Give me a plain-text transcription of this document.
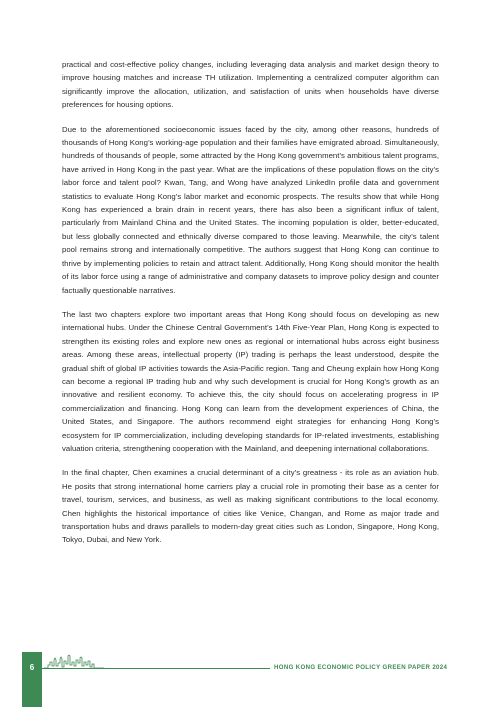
practical and cost-effective policy changes, including leveraging data analysis and market design theory to improve housing matches and increase TH utilization. Implementing a centralized computer algorithm can significantly improve the allocation, utilization, and satisfaction of units when households have diverse preferences for housing options.

Due to the aforementioned socioeconomic issues faced by the city, among other reasons, hundreds of thousands of Hong Kong’s working-age population and their families have emigrated abroad. Simultaneously, hundreds of thousands of people, some attracted by the Hong Kong government’s ambitious talent programs, have arrived in Hong Kong in the past year. What are the implications of these population flows on the city’s labor force and talent pool? Kwan, Tang, and Wong have analyzed LinkedIn profile data and government statistics to evaluate Hong Kong’s labor market and economic prospects. The results show that while Hong Kong has experienced a brain drain in recent years, there has also been a significant influx of talent, particularly from Mainland China and the United States. The incoming population is older, better-educated, but less globally connected and ethnically diverse compared to those leaving. Meanwhile, the city’s talent pool remains strong and internationally competitive. The authors suggest that Hong Kong can continue to thrive by implementing policies to retain and attract talent. Additionally, Hong Kong should monitor the health of its labor force using a range of administrative and company datasets to improve policy design and counter factually questionable narratives.

The last two chapters explore two important areas that Hong Kong should focus on developing as new international hubs. Under the Chinese Central Government’s 14th Five-Year Plan, Hong Kong is expected to strengthen its existing roles and explore new ones as regional or international hubs across eight business areas. Among these areas, intellectual property (IP) trading is perhaps the least understood, despite the gradual shift of global IP activities towards the Asia-Pacific region. Tang and Cheung explain how Hong Kong can become a regional IP trading hub and why such development is crucial for Hong Kong’s growth as an innovative and resilient economy. To achieve this, the city should focus on accelerating progress in IP commercialization and financing. Hong Kong can learn from the development experiences of China, the United States, and Singapore. The authors recommend eight strategies for enhancing Hong Kong’s ecosystem for IP commercialization, including developing standards for IP-related investments, establishing valuation criteria, strengthening cooperation with the Mainland, and deepening international collaborations.

In the final chapter, Chen examines a crucial determinant of a city’s greatness - its role as an aviation hub. He posits that strong international home carriers play a crucial role in promoting their base as a center for travel, tourism, services, and business, as well as making significant contributions to the local economy. Chen highlights the historical importance of cities like Venice, Changan, and Rome as major trade and transportation hubs and draws parallels to modern-day great cities such as London, Singapore, Hong Kong, Tokyo, Dubai, and New York.

6	HONG KONG ECONOMIC POLICY GREEN PAPER 2024
